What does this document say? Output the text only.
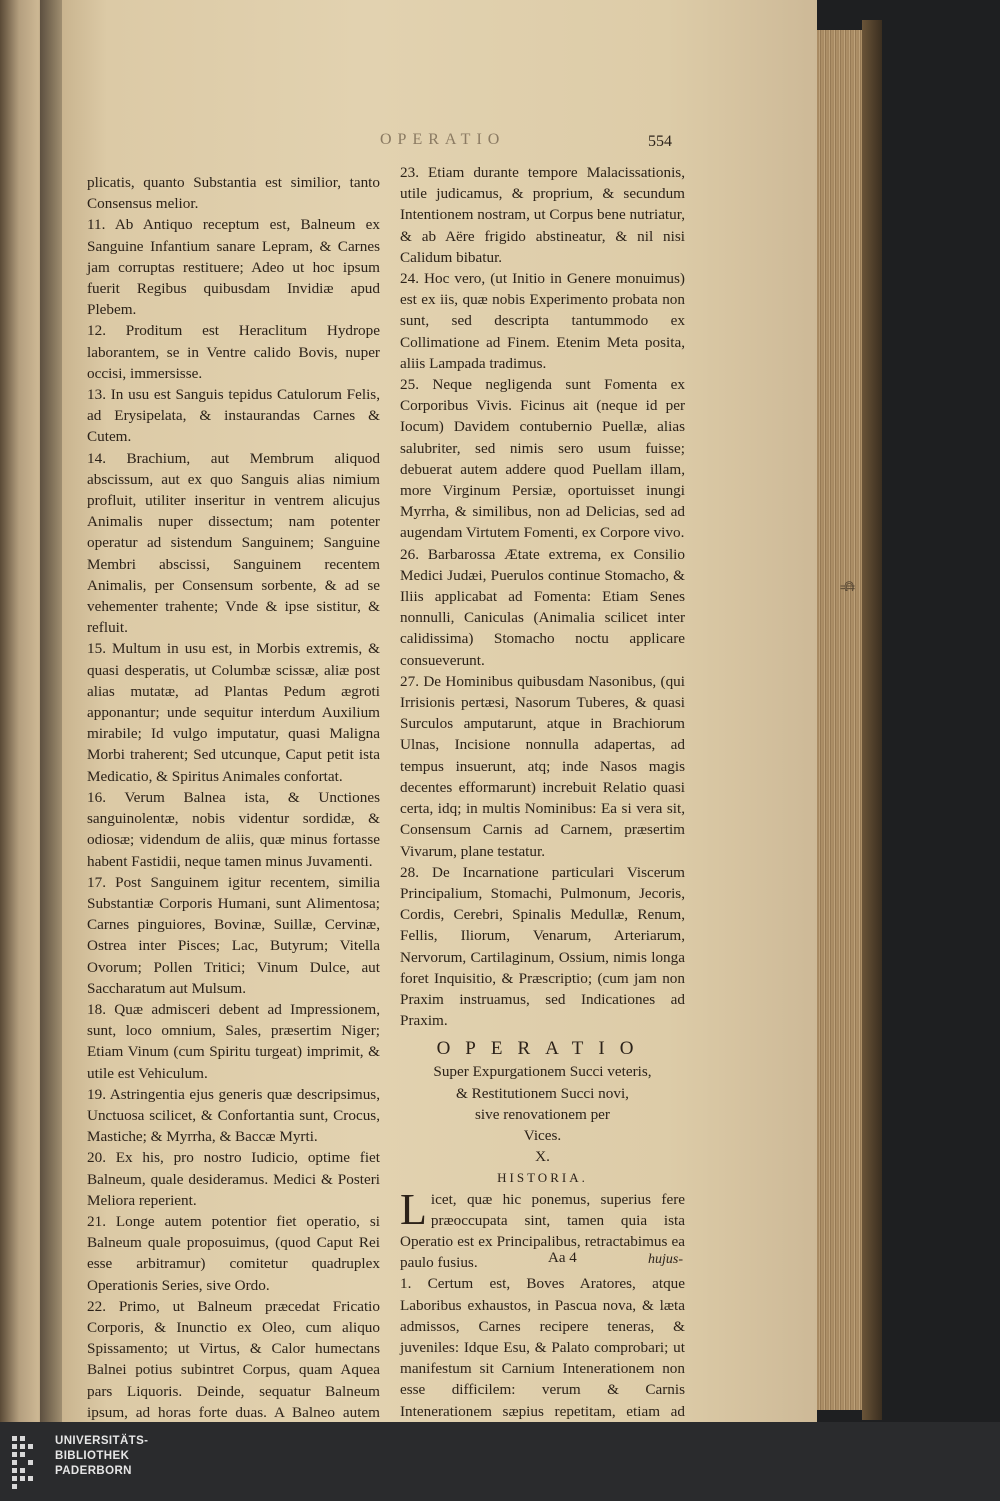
OPERATIO	554

plicatis, quanto Substantia est similior, tanto Consensus melior.

11. Ab Antiquo receptum est, Balneum ex Sanguine Infantium sanare Lepram, & Carnes jam corruptas restituere; Adeo ut hoc ipsum fuerit Regibus quibusdam Invidiæ apud Plebem.

12. Proditum est Heraclitum Hydrope laborantem, se in Ventre calido Bovis, nuper occisi, immersisse.

13. In usu est Sanguis tepidus Catulorum Felis, ad Erysipelata, & instaurandas Carnes & Cutem.

14. Brachium, aut Membrum aliquod abscissum, aut ex quo Sanguis alias nimium profluit, utiliter inseritur in ventrem alicujus Animalis nuper dissectum; nam potenter operatur ad sistendum Sanguinem; Sanguine Membri abscissi, Sanguinem recentem Animalis, per Consensum sorbente, & ad se vehementer trahente; Vnde & ipse sistitur, & refluit.

15. Multum in usu est, in Morbis extremis, & quasi desperatis, ut Columbæ scissæ, aliæ post alias mutatæ, ad Plantas Pedum ægroti apponantur; unde sequitur interdum Auxilium mirabile; Id vulgo imputatur, quasi Maligna Morbi traherent; Sed utcunque, Caput petit ista Medicatio, & Spiritus Animales confortat.

16. Verum Balnea ista, & Unctiones sanguinolentæ, nobis videntur sordidæ, & odiosæ; videndum de aliis, quæ minus fortasse habent Fastidii, neque tamen minus Juvamenti.

17. Post Sanguinem igitur recentem, similia Substantiæ Corporis Humani, sunt Alimentosa; Carnes pinguiores, Bovinæ, Suillæ, Cervinæ, Ostrea inter Pisces; Lac, Butyrum; Vitella Ovorum; Pollen Tritici; Vinum Dulce, aut Saccharatum aut Mulsum.

18. Quæ admisceri debent ad Impressionem, sunt, loco omnium, Sales, præsertim Niger; Etiam Vinum (cum Spiritu turgeat) imprimit, & utile est Vehiculum.

19. Astringentia ejus generis quæ descripsimus, Unctuosa scilicet, & Confortantia sunt, Crocus, Mastiche; & Myrrha, & Baccæ Myrti.

20. Ex his, pro nostro Iudicio, optime fiet Balneum, quale desideramus. Medici & Posteri Meliora reperient.

21. Longe autem potentior fiet operatio, si Balneum quale proposuimus, (quod Caput Rei esse arbitramur) comitetur quadruplex Operationis Series, sive Ordo.

22. Primo, ut Balneum præcedat Fricatio Corporis, & Inunctio ex Oleo, cum aliquo Spissamento; ut Virtus, & Calor humectans Balnei potius subintret Corpus, quam Aquea pars Liquoris. Deinde, sequatur Balneum ipsum, ad horas forte duas. A Balneo autem

23. Etiam durante tempore Malacissationis, utile judicamus, & proprium, & secundum Intentionem nostram, ut Corpus bene nutriatur, & ab Aëre frigido abstineatur, & nil nisi Calidum bibatur.

24. Hoc vero, (ut Initio in Genere monuimus) est ex iis, quæ nobis Experimento probata non sunt, sed descripta tantummodo ex Collimatione ad Finem. Etenim Meta posita, aliis Lampada tradimus.

25. Neque negligenda sunt Fomenta ex Corporibus Vivis. Ficinus ait (neque id per Iocum) Davidem contubernio Puellæ, alias salubriter, sed nimis sero usum fuisse; debuerat autem addere quod Puellam illam, more Virginum Persiæ, oportuisset inungi Myrrha, & similibus, non ad Delicias, sed ad augendam Virtutem Fomenti, ex Corpore vivo.

26. Barbarossa Ætate extrema, ex Consilio Medici Judæi, Puerulos continue Stomacho, & Iliis applicabat ad Fomenta: Etiam Senes nonnulli, Caniculas (Animalia scilicet inter calidissima) Stomacho noctu applicare consueverunt.

27. De Hominibus quibusdam Nasonibus, (qui Irrisionis pertæsi, Nasorum Tuberes, & quasi Surculos amputarunt, atque in Brachiorum Ulnas, Incisione nonnulla adapertas, ad tempus insuerunt, atq; inde Nasos magis decentes efformarunt) increbuit Relatio quasi certa, idq; in multis Nominibus: Ea si vera sit, Consensum Carnis ad Carnem, præsertim Vivarum, plane testatur.

28. De Incarnatione particulari Viscerum Principalium, Stomachi, Pulmonum, Jecoris, Cordis, Cerebri, Spinalis Medullæ, Renum, Fellis, Iliorum, Venarum, Arteriarum, Nervorum, Cartilaginum, Ossium, nimis longa foret Inquisitio, & Præscriptio; (cum jam non Praxim instruamus, sed Indicationes ad Praxim.

OPERATIO

Super Expurgationem Succi veteris,

& Restitutionem Succi novi,

sive renovationem per

Vices.

X.

HISTORIA.

Licet, quæ hic ponemus, superius fere præoccupata sint, tamen quia ista Operatio est ex Principalibus, retractabimus ea paulo fusius.

1. Certum est, Boves Aratores, atque Laboribus exhaustos, in Pascua nova, & læta admissos, Carnes recipere teneras, & juveniles: Idque Esu, & Palato comprobari; ut manifestum sit Carnium Intenerationem non esse difficilem: verum & Carnis Intenerationem sæpius repetitam, etiam ad

Aa 4	hujus-
⸿
UNIVERSITÄTS-
BIBLIOTHEK
PADERBORN
